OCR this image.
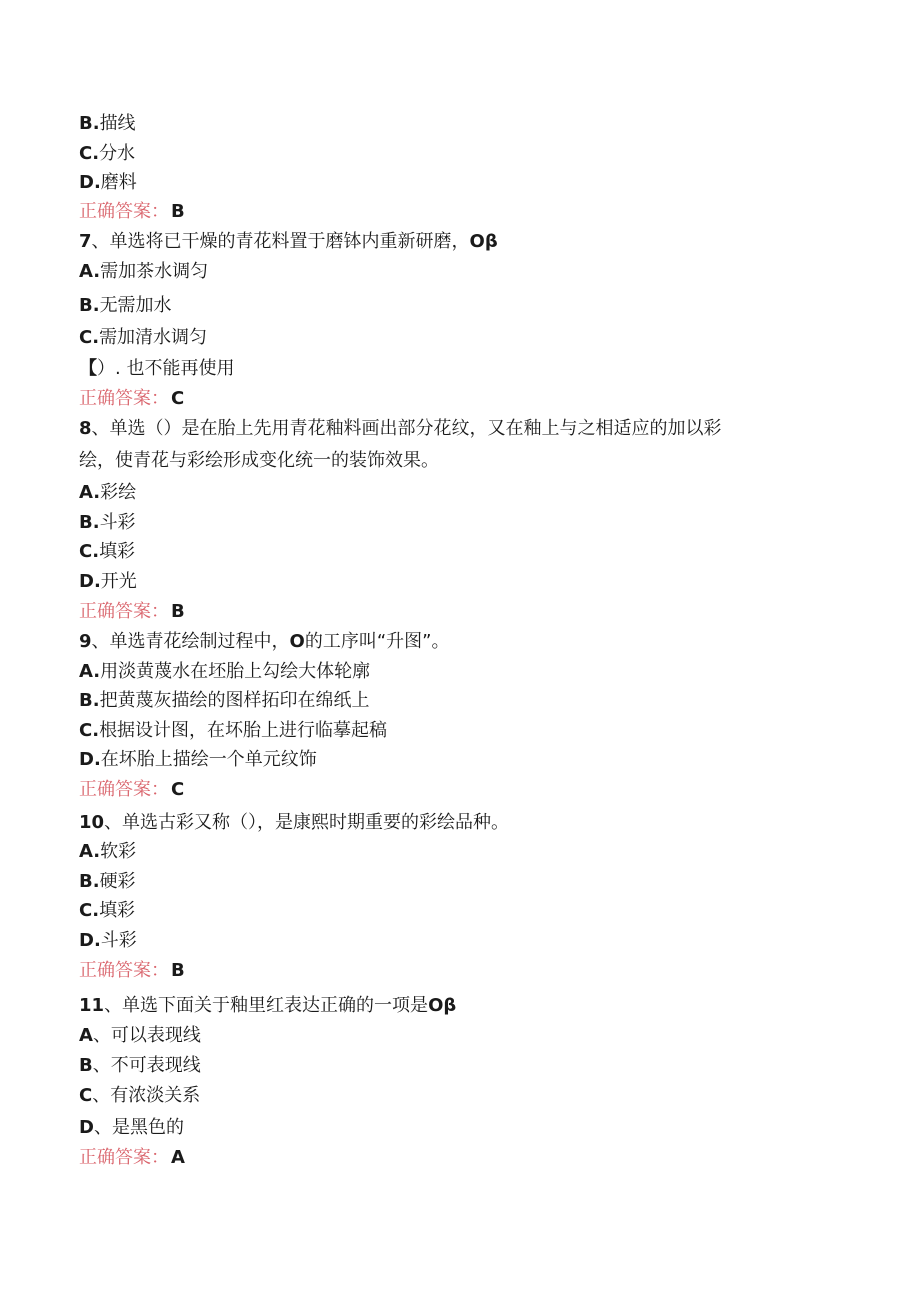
B.描线
C.分水
D.磨料
正确答案： B
7、单选将已干燥的青花料置于磨钵内重新研磨，Oβ
A.需加茶水调匀
B.无需加水
C.需加清水调匀
【）. 也不能再使用
正确答案： C
8、单选（）是在胎上先用青花釉料画出部分花纹，又在釉上与之相适应的加以彩
绘，使青花与彩绘形成变化统一的装饰效果。
A.彩绘
B.斗彩
C.填彩
D.开光
正确答案： B
9、单选青花绘制过程中，O的工序叫“升图”。
A.用淡黄蔑水在坯胎上勾绘大体轮廓
B.把黄蔑灰描绘的图样拓印在绵纸上
C.根据设计图，在坏胎上进行临摹起稿
D.在坏胎上描绘一个单元纹饰
正确答案： C
10、单选古彩又称（），是康熙时期重要的彩绘品种。
A.软彩
B.硬彩
C.填彩
D.斗彩
正确答案： B
11、单选下面关于釉里红表达正确的一项是Oβ
A、可以表现线
B、不可表现线
C、有浓淡关系
D、是黑色的
正确答案： A
